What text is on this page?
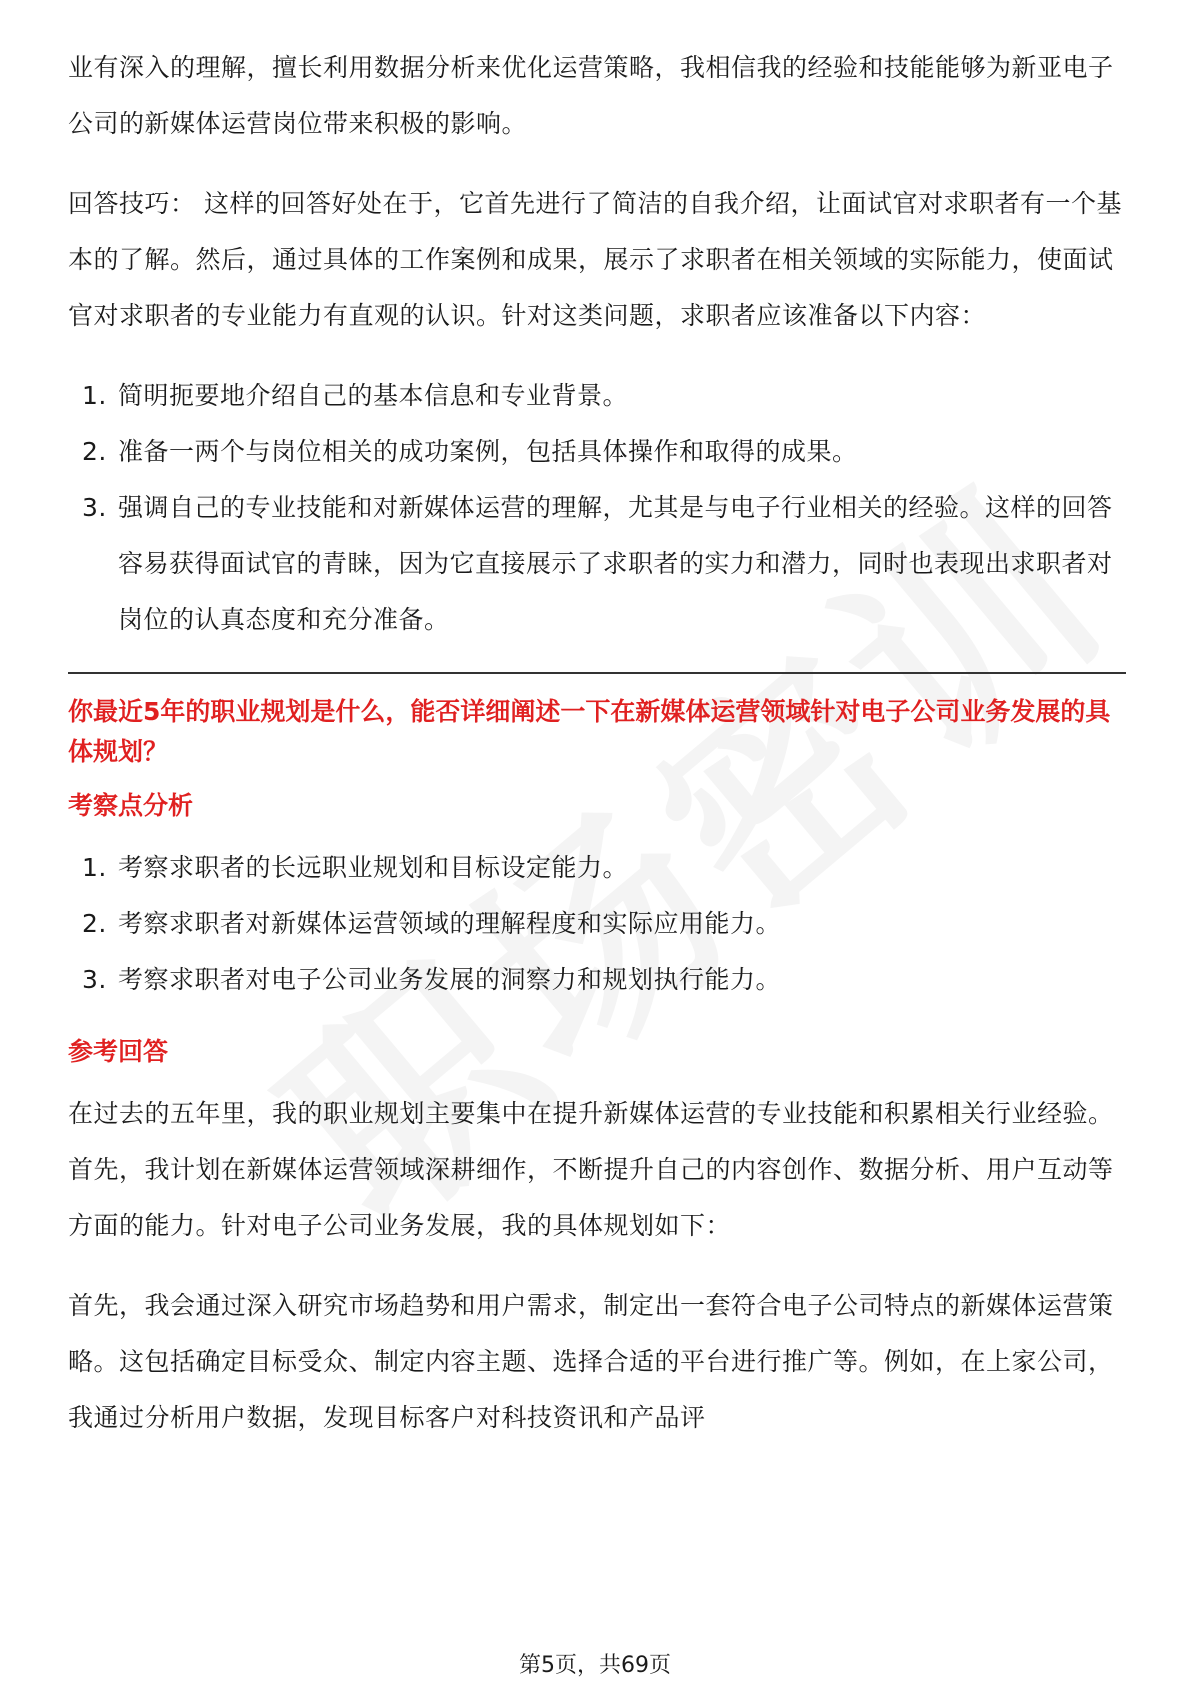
业有深入的理解，擅长利用数据分析来优化运营策略，我相信我的经验和技能能够为新亚电子公司的新媒体运营岗位带来积极的影响。

回答技巧： 这样的回答好处在于，它首先进行了简洁的自我介绍，让面试官对求职者有一个基本的了解。然后，通过具体的工作案例和成果，展示了求职者在相关领域的实际能力，使面试官对求职者的专业能力有直观的认识。针对这类问题，求职者应该准备以下内容：

1. 简明扼要地介绍自己的基本信息和专业背景。
2. 准备一两个与岗位相关的成功案例，包括具体操作和取得的成果。
3. 强调自己的专业技能和对新媒体运营的理解，尤其是与电子行业相关的经验。这样的回答容易获得面试官的青睐，因为它直接展示了求职者的实力和潜力，同时也表现出求职者对岗位的认真态度和充分准备。

你最近5年的职业规划是什么，能否详细阐述一下在新媒体运营领域针对电子公司业务发展的具体规划？

考察点分析

1. 考察求职者的长远职业规划和目标设定能力。
2. 考察求职者对新媒体运营领域的理解程度和实际应用能力。
3. 考察求职者对电子公司业务发展的洞察力和规划执行能力。

参考回答

在过去的五年里，我的职业规划主要集中在提升新媒体运营的专业技能和积累相关行业经验。首先，我计划在新媒体运营领域深耕细作，不断提升自己的内容创作、数据分析、用户互动等方面的能力。针对电子公司业务发展，我的具体规划如下：

首先，我会通过深入研究市场趋势和用户需求，制定出一套符合电子公司特点的新媒体运营策略。这包括确定目标受众、制定内容主题、选择合适的平台进行推广等。例如，在上家公司，我通过分析用户数据，发现目标客户对科技资讯和产品评

第5页，共69页
